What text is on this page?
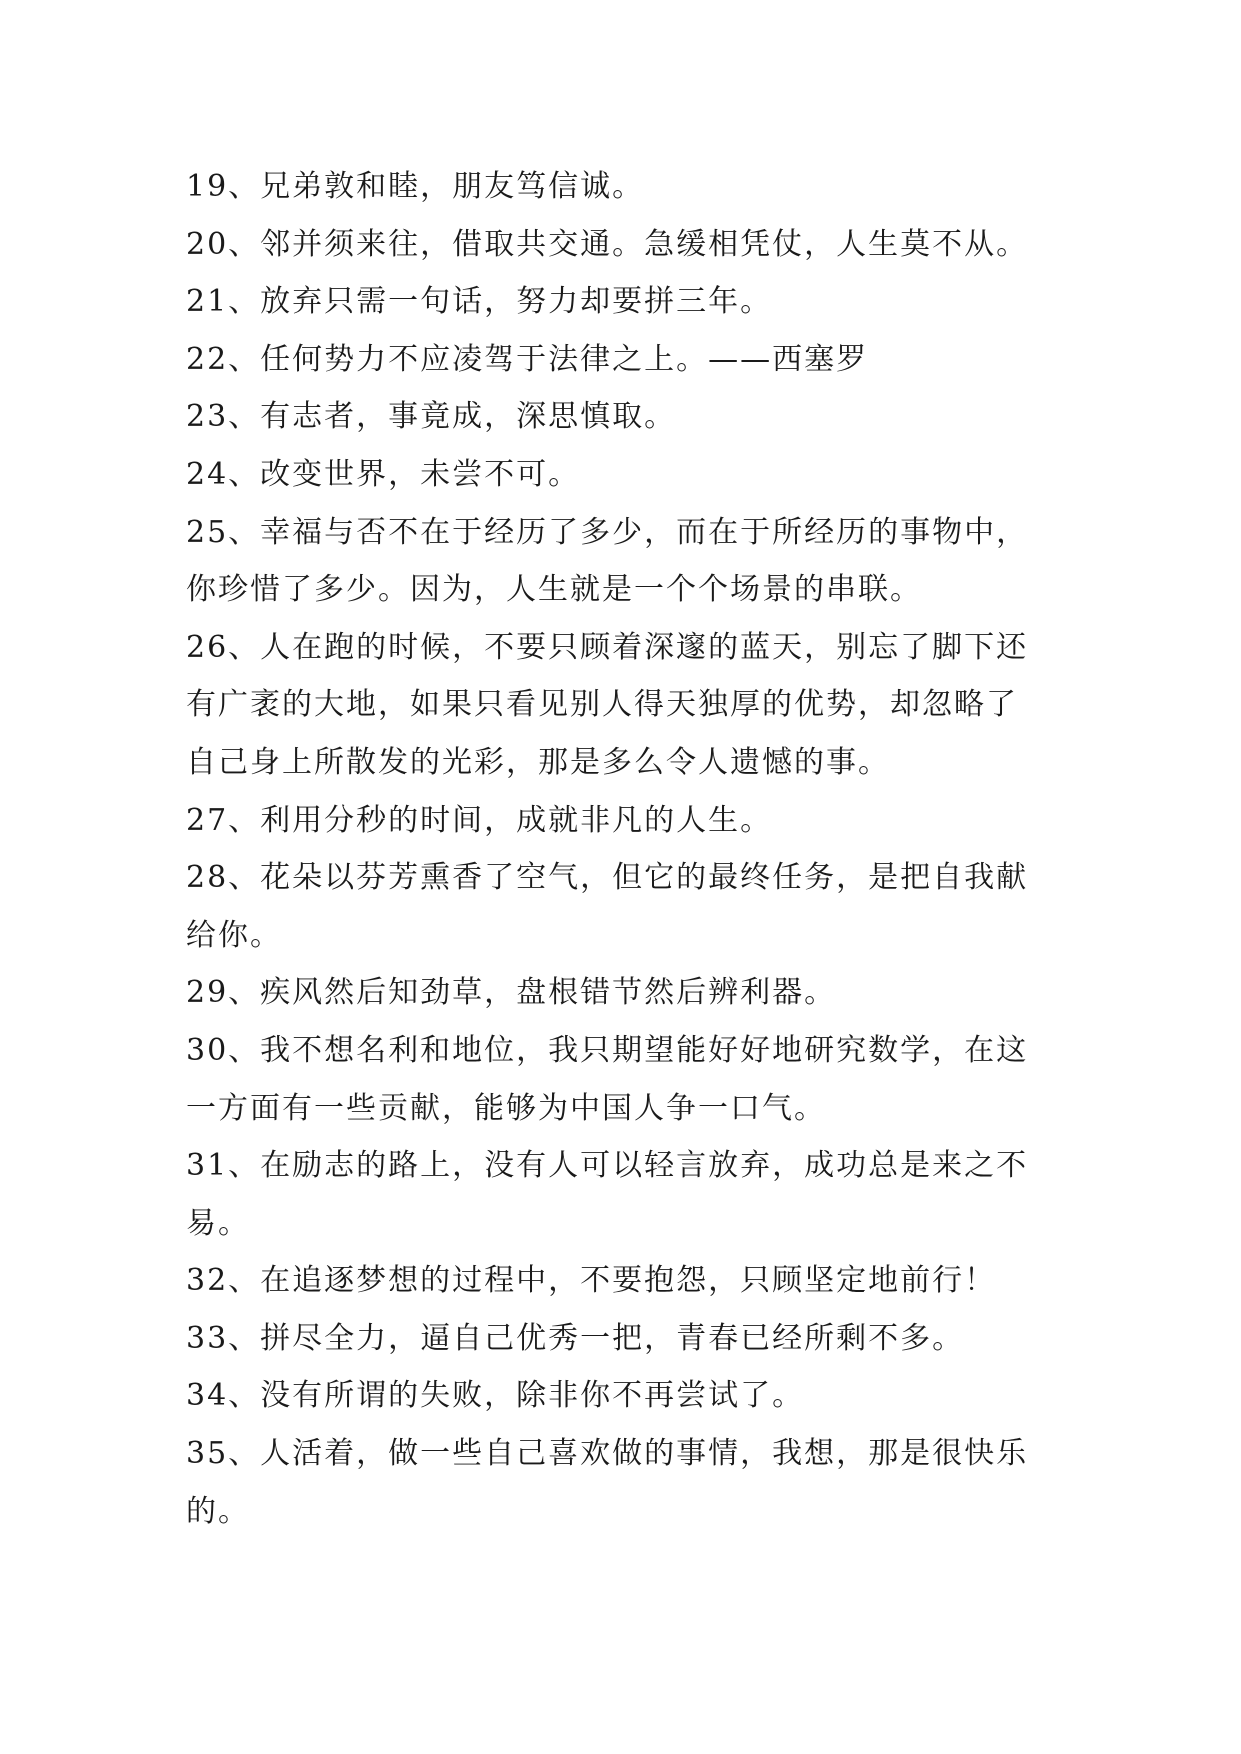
19、兄弟敦和睦，朋友笃信诚。
20、邻并须来往，借取共交通。急缓相凭仗，人生莫不从。
21、放弃只需一句话，努力却要拼三年。
22、任何势力不应凌驾于法律之上。——西塞罗
23、有志者，事竟成，深思慎取。
24、改变世界，未尝不可。
25、幸福与否不在于经历了多少，而在于所经历的事物中，
你珍惜了多少。因为，人生就是一个个场景的串联。
26、人在跑的时候，不要只顾着深邃的蓝天，别忘了脚下还
有广袤的大地，如果只看见别人得天独厚的优势，却忽略了
自己身上所散发的光彩，那是多么令人遗憾的事。
27、利用分秒的时间，成就非凡的人生。
28、花朵以芬芳熏香了空气，但它的最终任务，是把自我献
给你。
29、疾风然后知劲草，盘根错节然后辨利器。
30、我不想名利和地位，我只期望能好好地研究数学，在这
一方面有一些贡献，能够为中国人争一口气。
31、在励志的路上，没有人可以轻言放弃，成功总是来之不
易。
32、在追逐梦想的过程中，不要抱怨，只顾坚定地前行！
33、拼尽全力，逼自己优秀一把，青春已经所剩不多。
34、没有所谓的失败，除非你不再尝试了。
35、人活着，做一些自己喜欢做的事情，我想，那是很快乐
的。
